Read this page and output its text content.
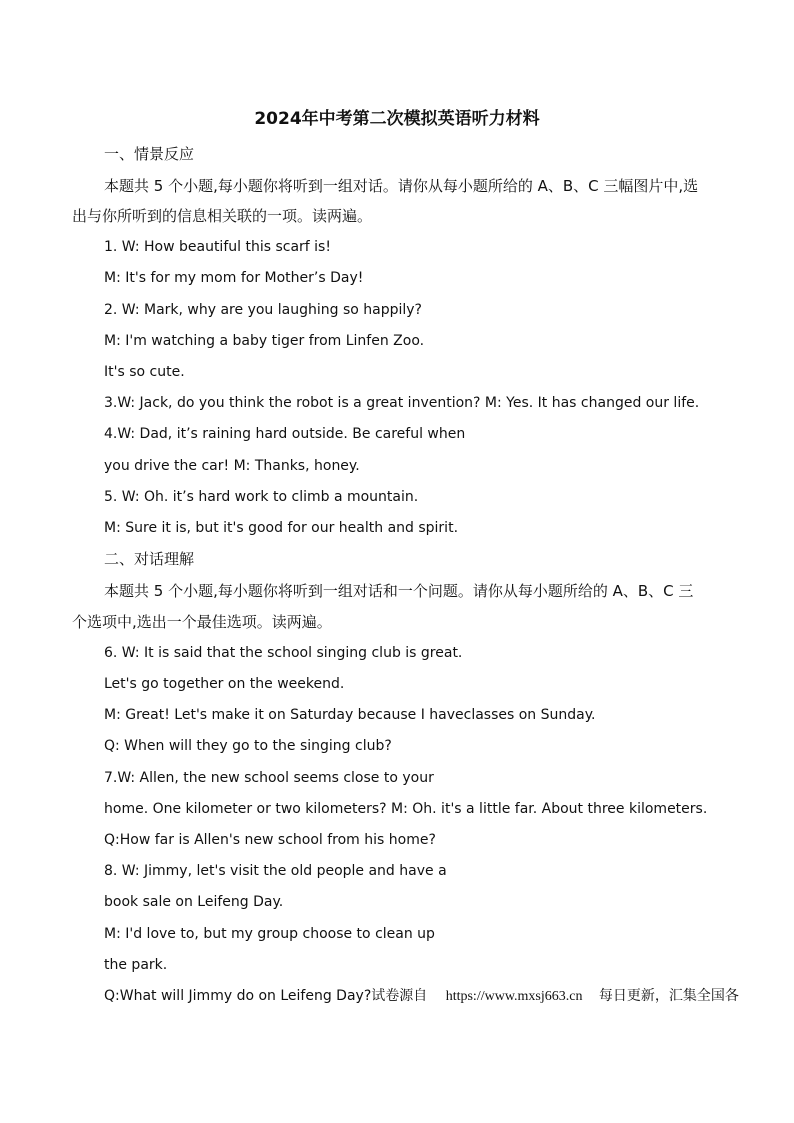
2024年中考第二次模拟英语听力材料
一、情景反应
本题共 5 个小题,每小题你将听到一组对话。请你从每小题所给的 A、B、C 三幅图片中,选
出与你所听到的信息相关联的一项。读两遍。
1. W: How beautiful this scarf is!
M: It's for my mom for Mother’s Day!
2. W: Mark, why are you laughing so happily?
M: I'm watching a baby tiger from Linfen Zoo.
It's so cute.
3.W: Jack, do you think the robot is a great invention? M: Yes. It has changed our life.
4.W: Dad, it’s raining hard outside. Be careful when
you drive the car! M: Thanks, honey.
5. W: Oh. it’s hard work to climb a mountain.
M: Sure it is, but it's good for our health and spirit.
二、对话理解
本题共 5 个小题,每小题你将听到一组对话和一个问题。请你从每小题所给的 A、B、C 三
个选项中,选出一个最佳选项。读两遍。
6. W: It is said that the school singing club is great.
Let's go together on the weekend.
M: Great! Let's make it on Saturday because I haveclasses on Sunday.
Q: When will they go to the singing club?
7.W: Allen, the new school seems close to your
home. One kilometer or two kilometers? M: Oh. it's a little far. About three kilometers.
Q:How far is Allen's new school from his home?
8. W: Jimmy, let's visit the old people and have a
book sale on Leifeng Day.
M: I'd love to, but my group choose to clean up
the park.
Q:What will Jimmy do on Leifeng Day?试卷源自 https://www.mxsj663.cn 每日更新，汇集全国各
